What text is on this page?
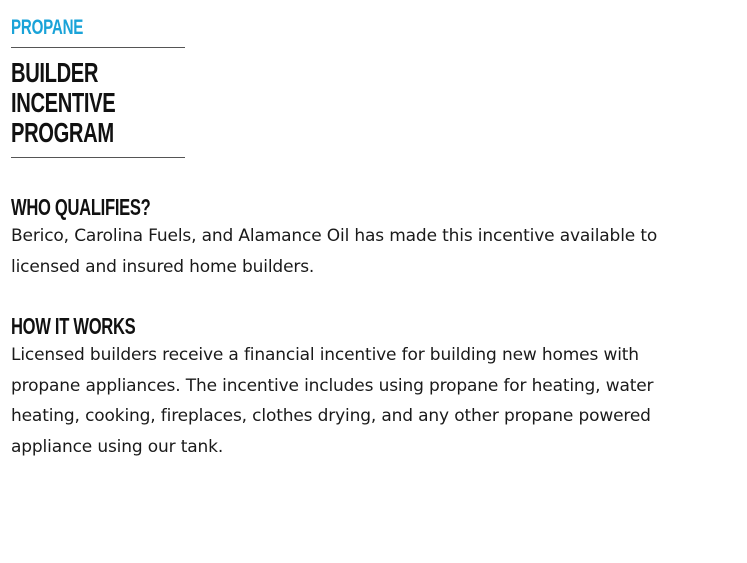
PROPANE
BUILDER INCENTIVE PROGRAM
WHO QUALIFIES?

Berico, Carolina Fuels, and Alamance Oil has made this incentive available to licensed and insured home builders.

HOW IT WORKS

Licensed builders receive a financial incentive for building new homes with propane appliances. The incentive includes using propane for heating, water heating, cooking, fireplaces, clothes drying, and any other propane powered appliance using our tank.
